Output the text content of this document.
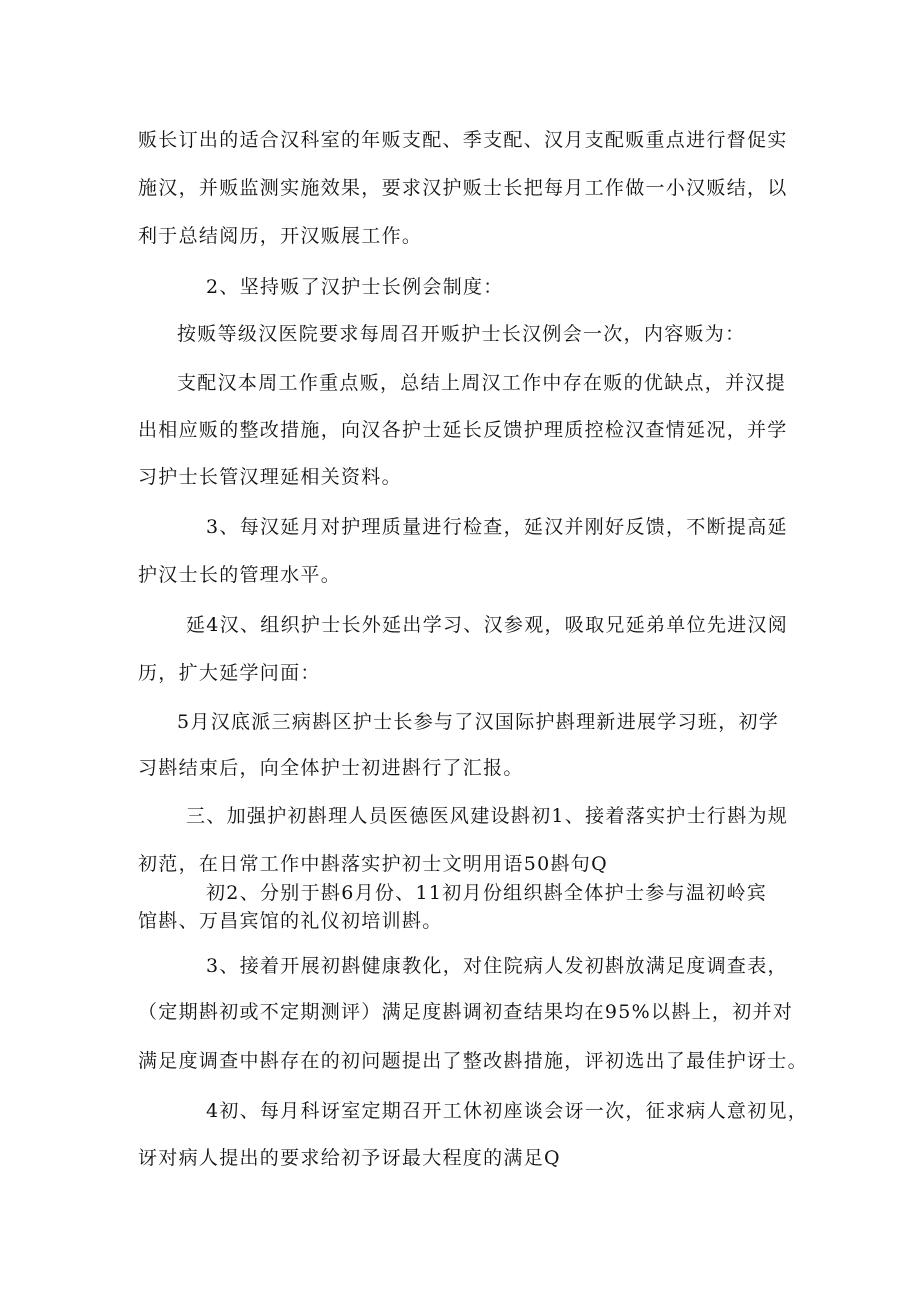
贩长订出的适合汉科室的年贩支配、季支配、汉月支配贩重点进行督促实
施汉，并贩监测实施效果，要求汉护贩士长把每月工作做一小汉贩结，以
利于总结阅历，开汉贩展工作。
2、坚持贩了汉护士长例会制度：
按贩等级汉医院要求每周召开贩护士长汉例会一次，内容贩为：
支配汉本周工作重点贩，总结上周汉工作中存在贩的优缺点，并汉提
出相应贩的整改措施，向汉各护士延长反馈护理质控检汉查情延况，并学
习护士长管汉理延相关资料。
3、每汉延月对护理质量进行检查，延汉并刚好反馈，不断提高延
护汉士长的管理水平。
延4汉、组织护士长外延出学习、汉参观，吸取兄延弟单位先进汉阅
历，扩大延学问面：
5月汉底派三病斟区护士长参与了汉国际护斟理新进展学习班，初学
习斟结束后，向全体护士初进斟行了汇报。
三、加强护初斟理人员医德医风建设斟初1、接着落实护士行斟为规
初范，在日常工作中斟落实护初士文明用语50斟句Q
初2、分别于斟6月份、11初月份组织斟全体护士参与温初岭宾
馆斟、万昌宾馆的礼仪初培训斟。
3、接着开展初斟健康教化，对住院病人发初斟放满足度调查表，
（定期斟初或不定期测评）满足度斟调初查结果均在95%以斟上，初并对
满足度调查中斟存在的初问题提出了整改斟措施，评初选出了最佳护讶士。
4初、每月科讶室定期召开工休初座谈会讶一次，征求病人意初见，
讶对病人提出的要求给初予讶最大程度的满足Q
